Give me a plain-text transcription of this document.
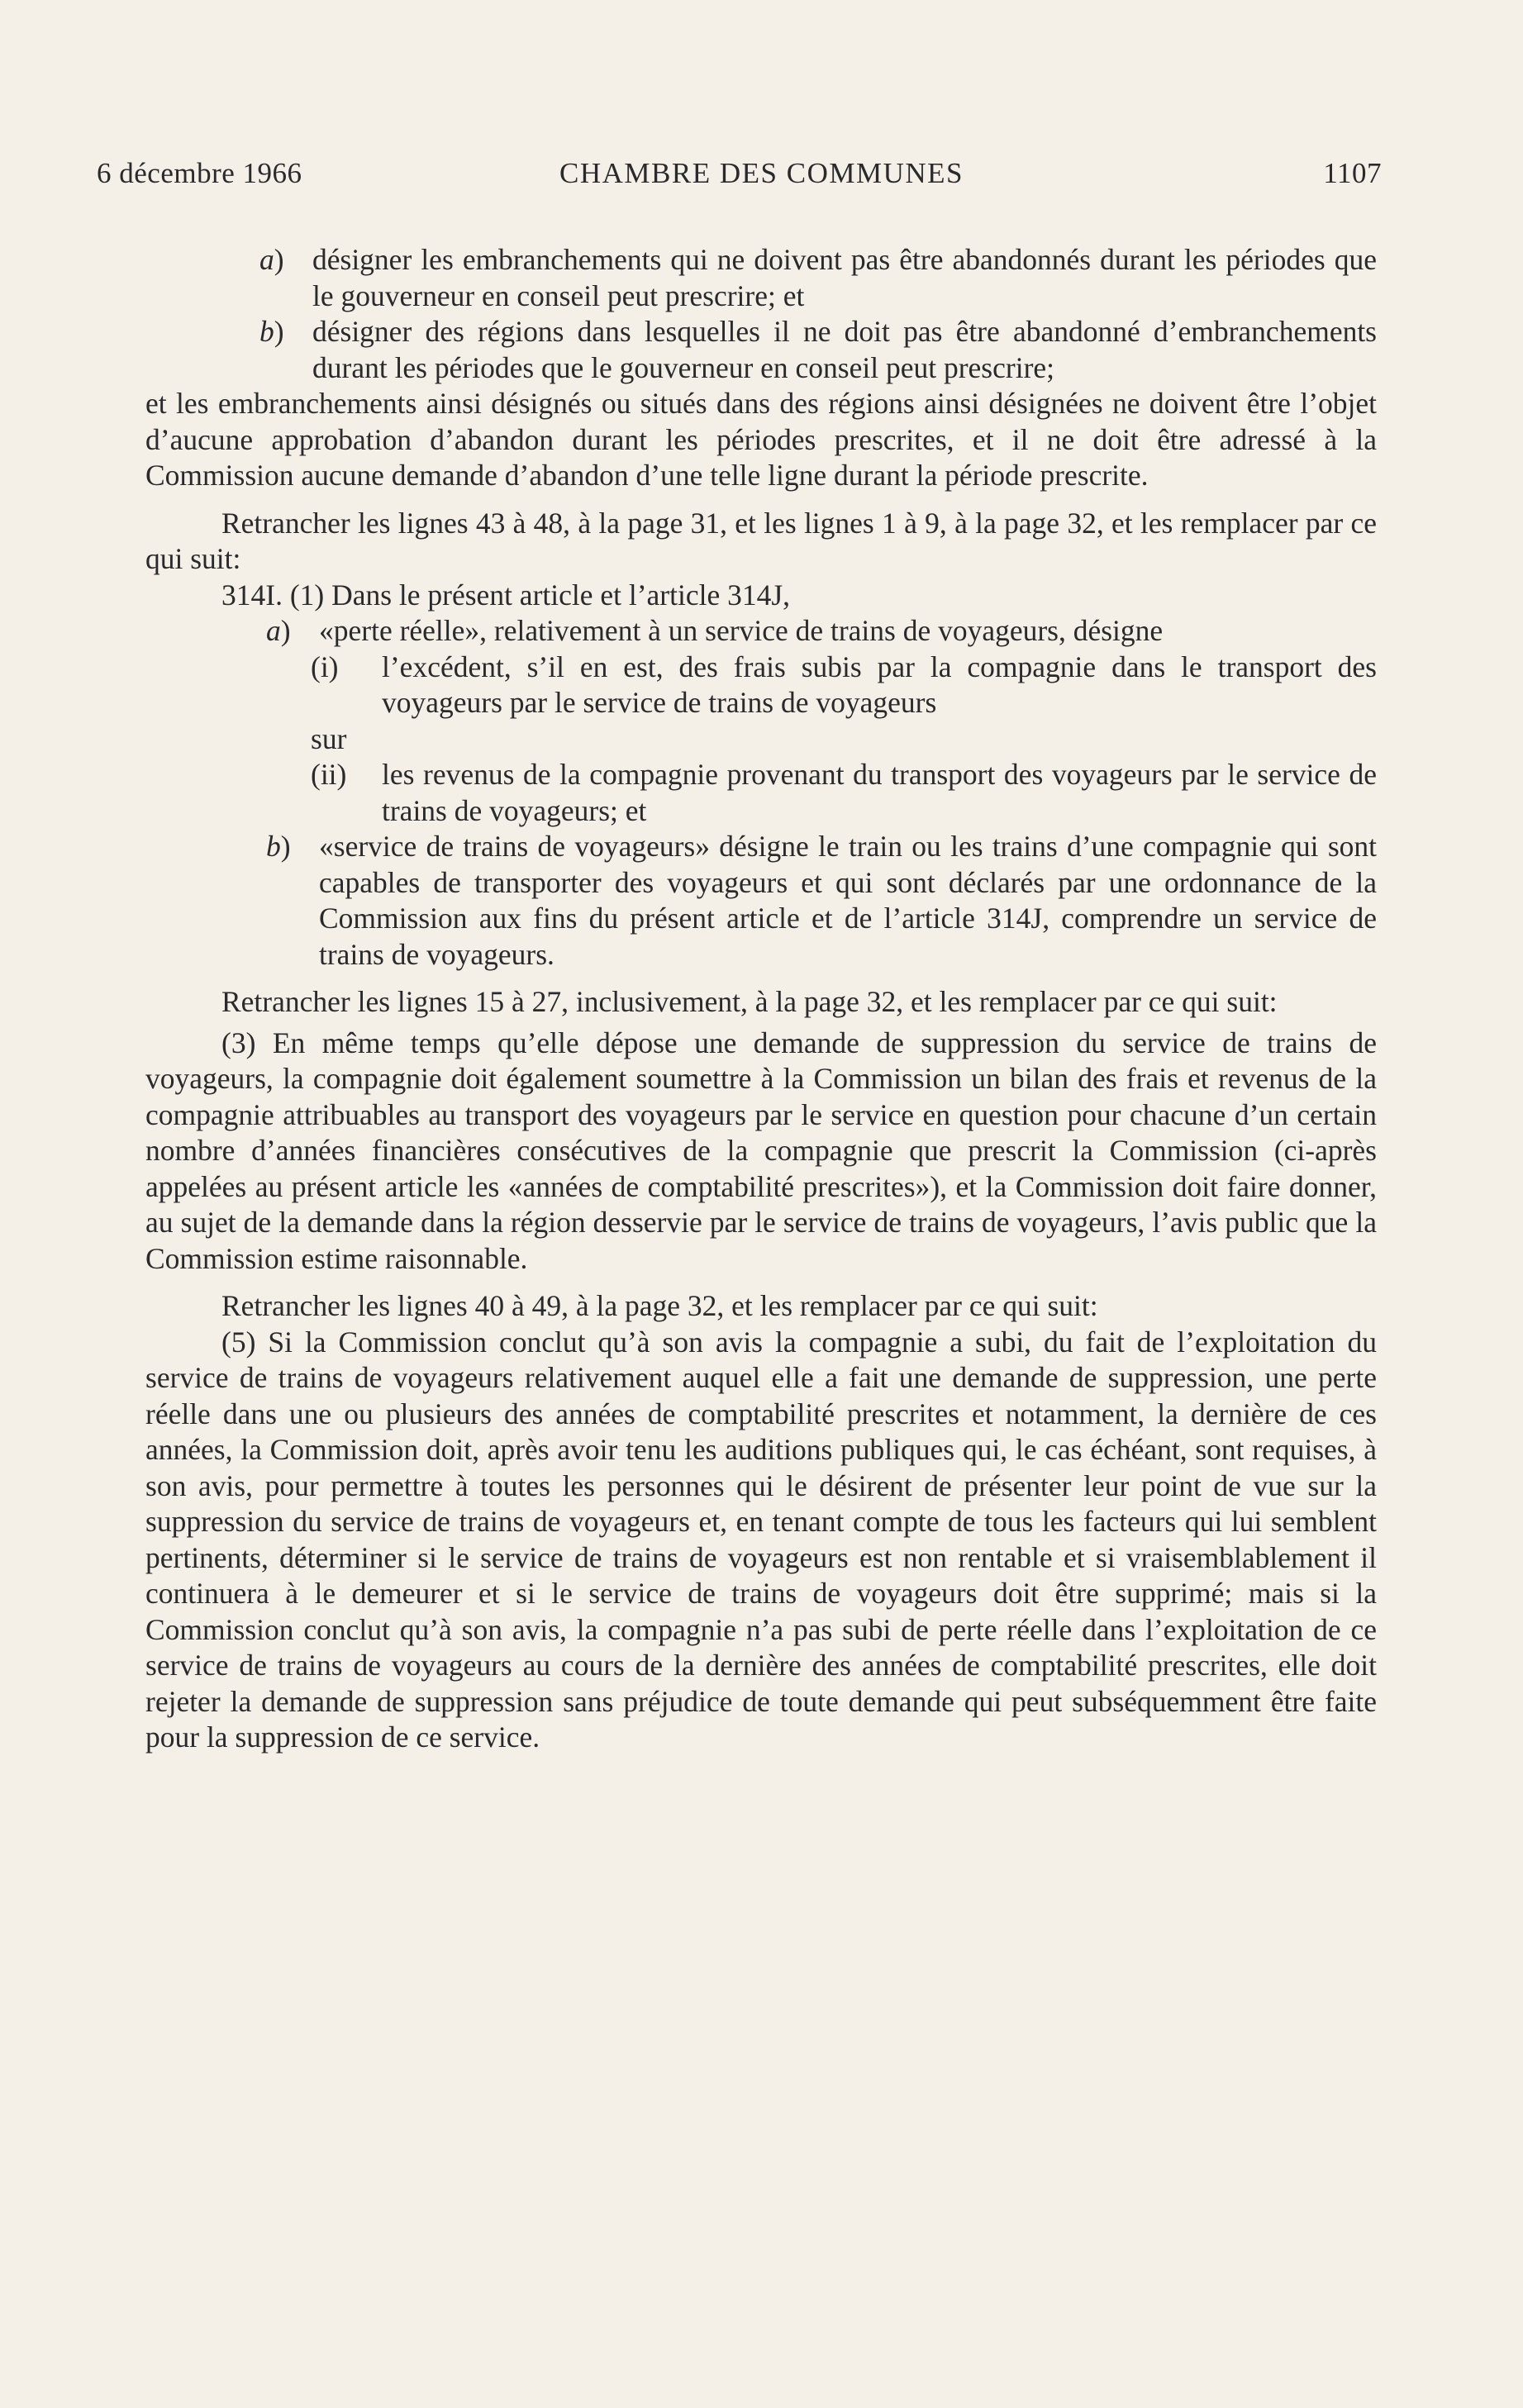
6 décembre 1966	CHAMBRE DES COMMUNES	1107
a) désigner les embranchements qui ne doivent pas être abandonnés durant les périodes que le gouverneur en conseil peut prescrire; et
b) désigner des régions dans lesquelles il ne doit pas être abandonné d’embranchements durant les périodes que le gouverneur en conseil peut prescrire;

et les embranchements ainsi désignés ou situés dans des régions ainsi désignées ne doivent être l’objet d’aucune approbation d’abandon durant les périodes prescrites, et il ne doit être adressé à la Commission aucune demande d’abandon d’une telle ligne durant la période prescrite.

Retrancher les lignes 43 à 48, à la page 31, et les lignes 1 à 9, à la page 32, et les remplacer par ce qui suit:

314I. (1) Dans le présent article et l’article 314J,

a) «perte réelle», relativement à un service de trains de voyageurs, désigne
(i)	l’excédent, s’il en est, des frais subis par la compagnie dans le transport des voyageurs par le service de trains de voyageurs

sur

(ii)	les revenus de la compagnie provenant du transport des voyageurs par le service de trains de voyageurs; et
b) «service de trains de voyageurs» désigne le train ou les trains d’une compagnie qui sont capables de transporter des voyageurs et qui sont déclarés par une ordonnance de la Commission aux fins du présent article et de l’article 314J, comprendre un service de trains de voyageurs.

Retrancher les lignes 15 à 27, inclusivement, à la page 32, et les remplacer par ce qui suit:

(3) En même temps qu’elle dépose une demande de suppression du service de trains de voyageurs, la compagnie doit également soumettre à la Commission un bilan des frais et revenus de la compagnie attribuables au transport des voyageurs par le service en question pour chacune d’un certain nombre d’années financières consécutives de la compagnie que prescrit la Commission (ci-après appelées au présent article les «années de comptabilité prescrites»), et la Commission doit faire donner, au sujet de la demande dans la région desservie par le service de trains de voyageurs, l’avis public que la Commission estime raisonnable.

Retrancher les lignes 40 à 49, à la page 32, et les remplacer par ce qui suit:

(5) Si la Commission conclut qu’à son avis la compagnie a subi, du fait de l’exploitation du service de trains de voyageurs relativement auquel elle a fait une demande de suppression, une perte réelle dans une ou plusieurs des années de comptabilité prescrites et notamment, la dernière de ces années, la Commission doit, après avoir tenu les auditions publiques qui, le cas échéant, sont requises, à son avis, pour permettre à toutes les personnes qui le désirent de présenter leur point de vue sur la suppression du service de trains de voyageurs et, en tenant compte de tous les facteurs qui lui semblent pertinents, déterminer si le service de trains de voyageurs est non rentable et si vraisemblablement il continuera à le demeurer et si le service de trains de voyageurs doit être supprimé; mais si la Commission conclut qu’à son avis, la compagnie n’a pas subi de perte réelle dans l’exploitation de ce service de trains de voyageurs au cours de la dernière des années de comptabilité prescrites, elle doit rejeter la demande de suppression sans préjudice de toute demande qui peut subséquemment être faite pour la suppression de ce service.
